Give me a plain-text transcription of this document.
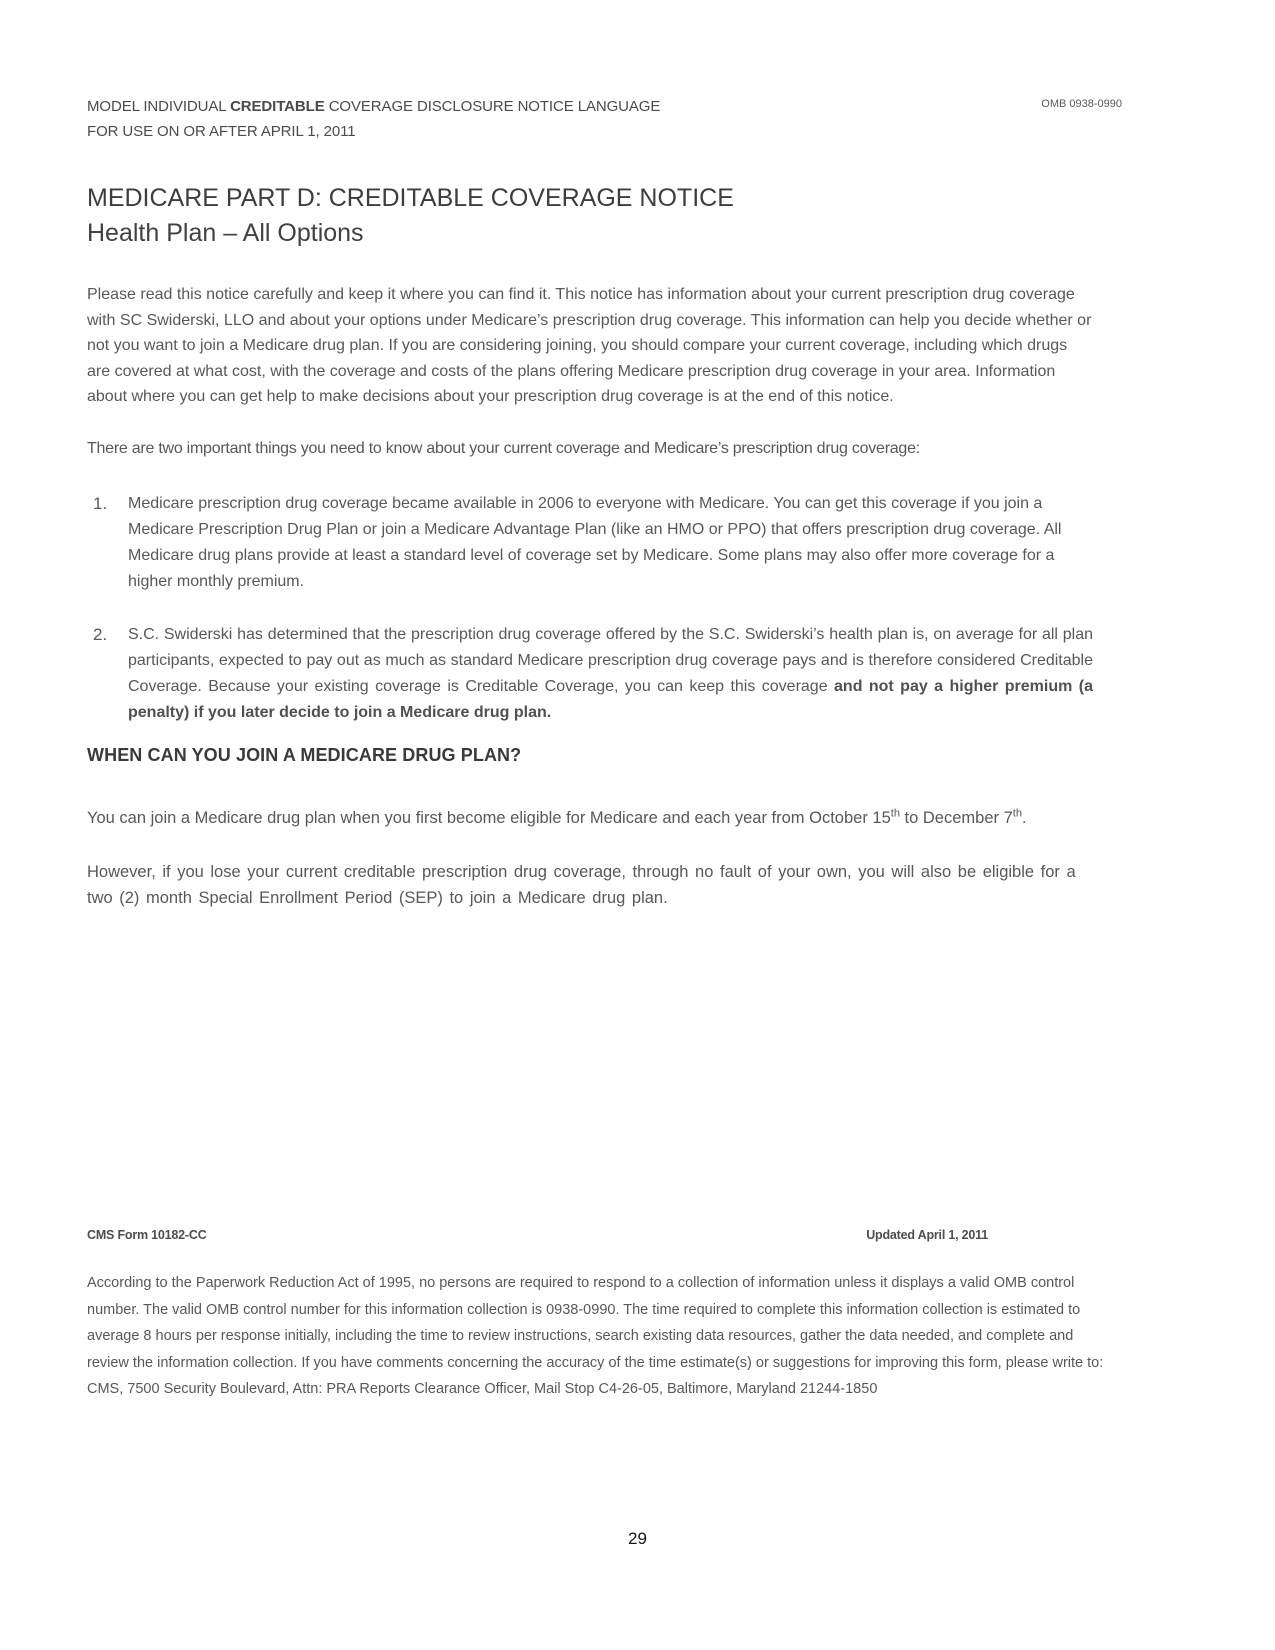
MODEL INDIVIDUAL CREDITABLE COVERAGE DISCLOSURE NOTICE LANGUAGE
FOR USE ON OR AFTER APRIL 1, 2011
OMB 0938-0990
MEDICARE PART D: CREDITABLE COVERAGE NOTICE
Health Plan – All Options
Please read this notice carefully and keep it where you can find it. This notice has information about your current prescription drug coverage with SC Swiderski, LLO and about your options under Medicare’s prescription drug coverage. This information can help you decide whether or not you want to join a Medicare drug plan. If you are considering joining, you should compare your current coverage, including which drugs are covered at what cost, with the coverage and costs of the plans offering Medicare prescription drug coverage in your area. Information about where you can get help to make decisions about your prescription drug coverage is at the end of this notice.
There are two important things you need to know about your current coverage and Medicare’s prescription drug coverage:
1.	Medicare prescription drug coverage became available in 2006 to everyone with Medicare. You can get this coverage if you join a Medicare Prescription Drug Plan or join a Medicare Advantage Plan (like an HMO or PPO) that offers prescription drug coverage. All Medicare drug plans provide at least a standard level of coverage set by Medicare. Some plans may also offer more coverage for a higher monthly premium.
2.	S.C. Swiderski has determined that the prescription drug coverage offered by the S.C. Swiderski’s health plan is, on average for all plan participants, expected to pay out as much as standard Medicare prescription drug coverage pays and is therefore considered Creditable Coverage. Because your existing coverage is Creditable Coverage, you can keep this coverage and not pay a higher premium (a penalty) if you later decide to join a Medicare drug plan.
WHEN CAN YOU JOIN A MEDICARE DRUG PLAN?
You can join a Medicare drug plan when you first become eligible for Medicare and each year from October 15th to December 7th.
However, if you lose your current creditable prescription drug coverage, through no fault of your own, you will also be eligible for a two (2) month Special Enrollment Period (SEP) to join a Medicare drug plan.
CMS Form 10182-CC	Updated April 1, 2011
According to the Paperwork Reduction Act of 1995, no persons are required to respond to a collection of information unless it displays a valid OMB control number. The valid OMB control number for this information collection is 0938-0990. The time required to complete this information collection is estimated to average 8 hours per response initially, including the time to review instructions, search existing data resources, gather the data needed, and complete and review the information collection. If you have comments concerning the accuracy of the time estimate(s) or suggestions for improving this form, please write to: CMS, 7500 Security Boulevard, Attn: PRA Reports Clearance Officer, Mail Stop C4-26-05, Baltimore, Maryland 21244-1850
29
